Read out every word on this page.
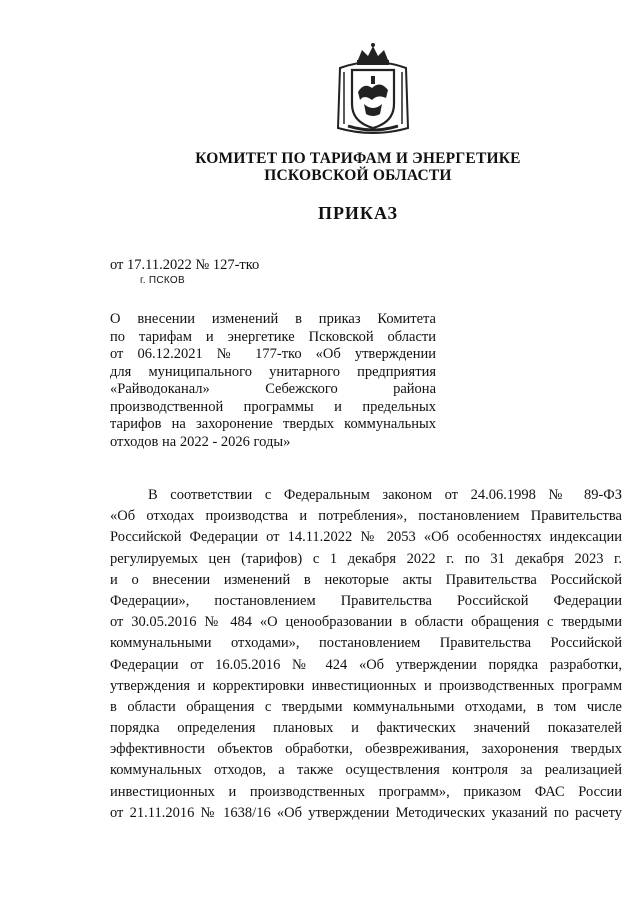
КОМИТЕТ ПО ТАРИФАМ И ЭНЕРГЕТИКЕ
ПСКОВСКОЙ ОБЛАСТИ
ПРИКАЗ
от 17.11.2022 № 127-тко
г. ПСКОВ
О внесении изменений в приказ Комитета
по тарифам и энергетике Псковской области
от 06.12.2021 № 177-тко «Об утверждении
для муниципального унитарного предприятия
«Райводоканал» Себежского района
производственной программы и предельных
тарифов на захоронение твердых коммунальных
отходов на 2022 - 2026 годы»
В соответствии с Федеральным законом от 24.06.1998 № 89-ФЗ
«Об отходах производства и потребления», постановлением Правительства
Российской Федерации от 14.11.2022 № 2053 «Об особенностях индексации
регулируемых цен (тарифов) с 1 декабря 2022 г. по 31 декабря 2023 г.
и о внесении изменений в некоторые акты Правительства Российской
Федерации», постановлением Правительства Российской Федерации
от 30.05.2016 № 484 «О ценообразовании в области обращения с твердыми
коммунальными отходами», постановлением Правительства Российской
Федерации от 16.05.2016 № 424 «Об утверждении порядка разработки,
утверждения и корректировки инвестиционных и производственных программ
в области обращения с твердыми коммунальными отходами, в том числе
порядка определения плановых и фактических значений показателей
эффективности объектов обработки, обезвреживания, захоронения твердых
коммунальных отходов, а также осуществления контроля за реализацией
инвестиционных и производственных программ», приказом ФАС России
от 21.11.2016 № 1638/16 «Об утверждении Методических указаний по расчету
